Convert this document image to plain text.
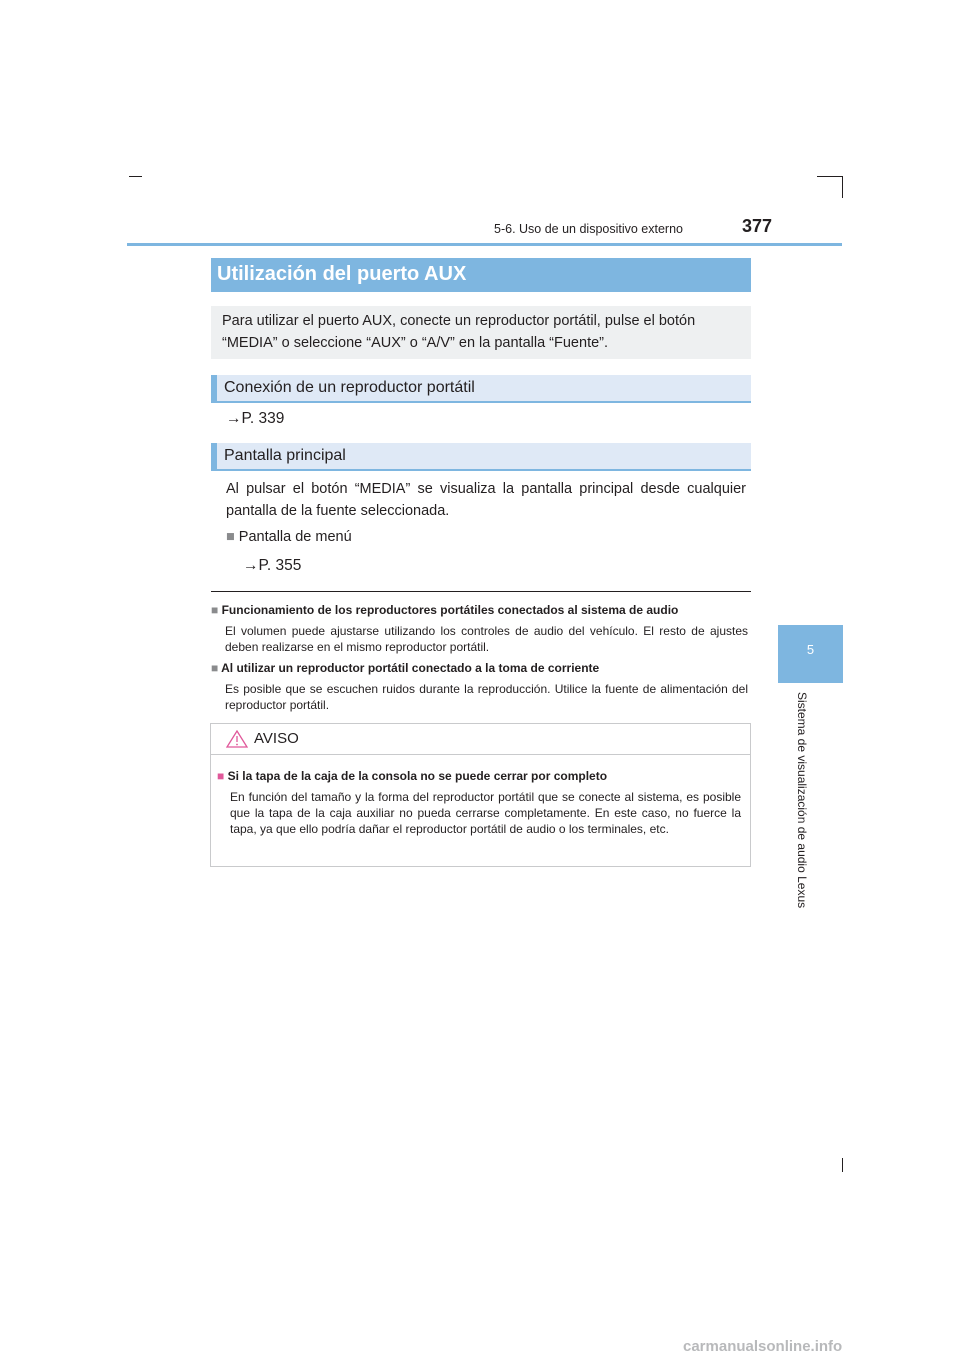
5-6. Uso de un dispositivo externo	377
5
Sistema de visualización de audio Lexus
Utilización del puerto AUX
Para utilizar el puerto AUX, conecte un reproductor portátil, pulse el botón “MEDIA” o seleccione “AUX” o “A/V” en la pantalla “Fuente”.
Conexión de un reproductor portátil
→P. 339
Pantalla principal
Al pulsar el botón “MEDIA” se visualiza la pantalla principal desde cualquier pantalla de la fuente seleccionada.
■ Pantalla de menú
→P. 355
■ Funcionamiento de los reproductores portátiles conectados al sistema de audio
El volumen puede ajustarse utilizando los controles de audio del vehículo. El resto de ajustes deben realizarse en el mismo reproductor portátil.
■ Al utilizar un reproductor portátil conectado a la toma de corriente
Es posible que se escuchen ruidos durante la reproducción. Utilice la fuente de alimentación del reproductor portátil.
AVISO
■ Si la tapa de la caja de la consola no se puede cerrar por completo
En función del tamaño y la forma del reproductor portátil que se conecte al sistema, es posible que la tapa de la caja auxiliar no pueda cerrarse completamente. En este caso, no fuerce la tapa, ya que ello podría dañar el reproductor portátil de audio o los terminales, etc.
carmanualsonline.info
